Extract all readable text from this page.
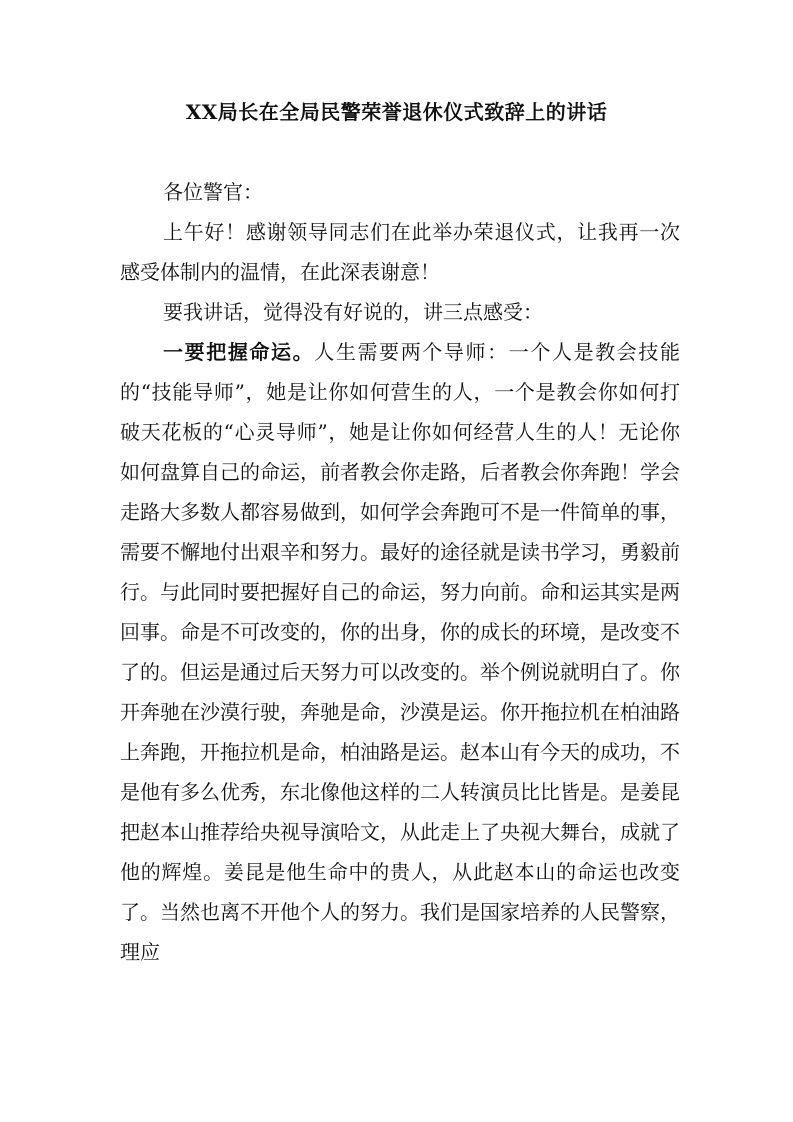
XX局长在全局民警荣誉退休仪式致辞上的讲话

各位警官：

上午好！感谢领导同志们在此举办荣退仪式，让我再一次感受体制内的温情，在此深表谢意！

要我讲话，觉得没有好说的，讲三点感受：

一要把握命运。人生需要两个导师：一个人是教会技能的“技能导师”，她是让你如何营生的人，一个是教会你如何打破天花板的“心灵导师”，她是让你如何经营人生的人！无论你如何盘算自己的命运，前者教会你走路，后者教会你奔跑！学会走路大多数人都容易做到，如何学会奔跑可不是一件简单的事，需要不懈地付出艰辛和努力。最好的途径就是读书学习，勇毅前行。与此同时要把握好自己的命运，努力向前。命和运其实是两回事。命是不可改变的，你的出身，你的成长的环境，是改变不了的。但运是通过后天努力可以改变的。举个例说就明白了。你开奔驰在沙漠行驶，奔驰是命，沙漠是运。你开拖拉机在柏油路上奔跑，开拖拉机是命，柏油路是运。赵本山有今天的成功，不是他有多么优秀，东北像他这样的二人转演员比比皆是。是姜昆把赵本山推荐给央视导演哈文，从此走上了央视大舞台，成就了他的辉煌。姜昆是他生命中的贵人，从此赵本山的命运也改变了。当然也离不开他个人的努力。我们是国家培养的人民警察，理应
